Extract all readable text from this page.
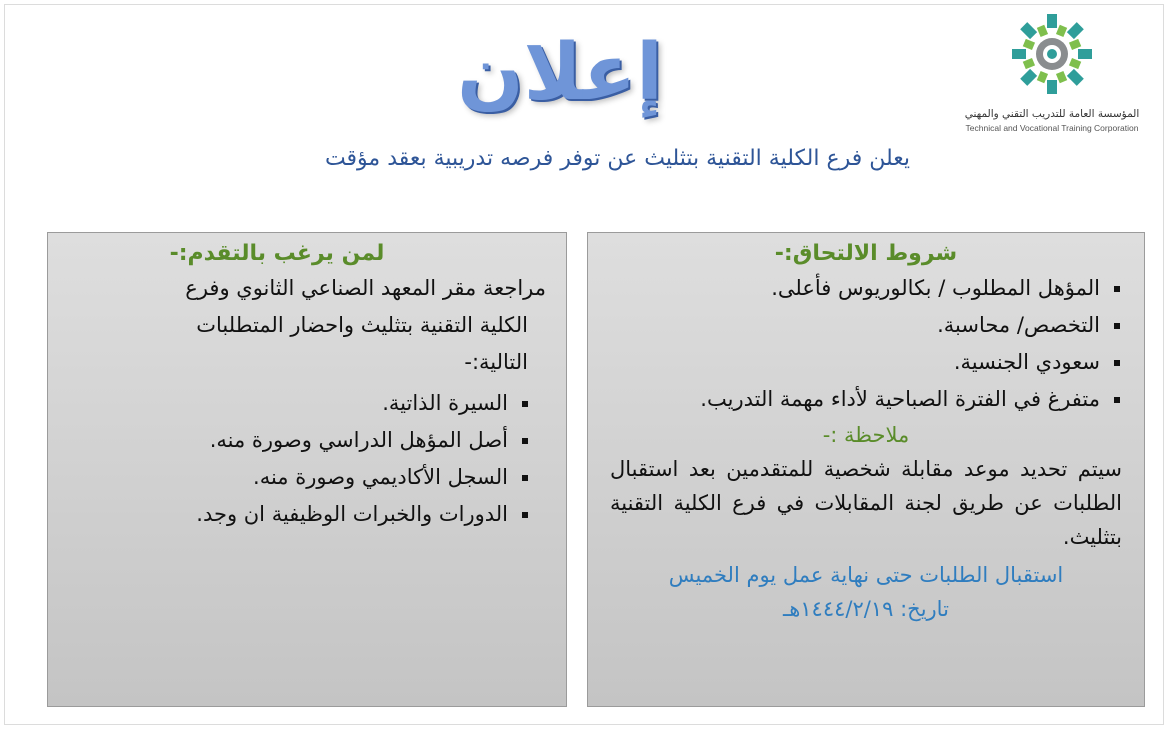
المؤسسة العامة للتدريب التقني والمهني
Technical and Vocational Training Corporation
إعلان
يعلن فرع الكلية التقنية بتثليث عن توفر فرصه تدريبية بعقد مؤقت
شروط الالتحاق:-
المؤهل المطلوب / بكالوريوس فأعلى.
التخصص/ محاسبة.
سعودي الجنسية.
متفرغ في الفترة الصباحية لأداء مهمة التدريب.
ملاحظة :-
سيتم تحديد موعد مقابلة شخصية للمتقدمين بعد استقبال الطلبات عن طريق لجنة المقابلات في فرع الكلية التقنية بتثليث.
استقبال الطلبات حتى نهاية عمل يوم الخميس
تاريخ: ١٤٤٤/٢/١٩هـ
لمن يرغب بالتقدم:-
مراجعة مقر المعهد الصناعي الثانوي وفرع
الكلية التقنية بتثليث واحضار المتطلبات
التالية:-
السيرة الذاتية.
أصل المؤهل الدراسي وصورة منه.
السجل الأكاديمي وصورة منه.
الدورات والخبرات الوظيفية ان وجد.
